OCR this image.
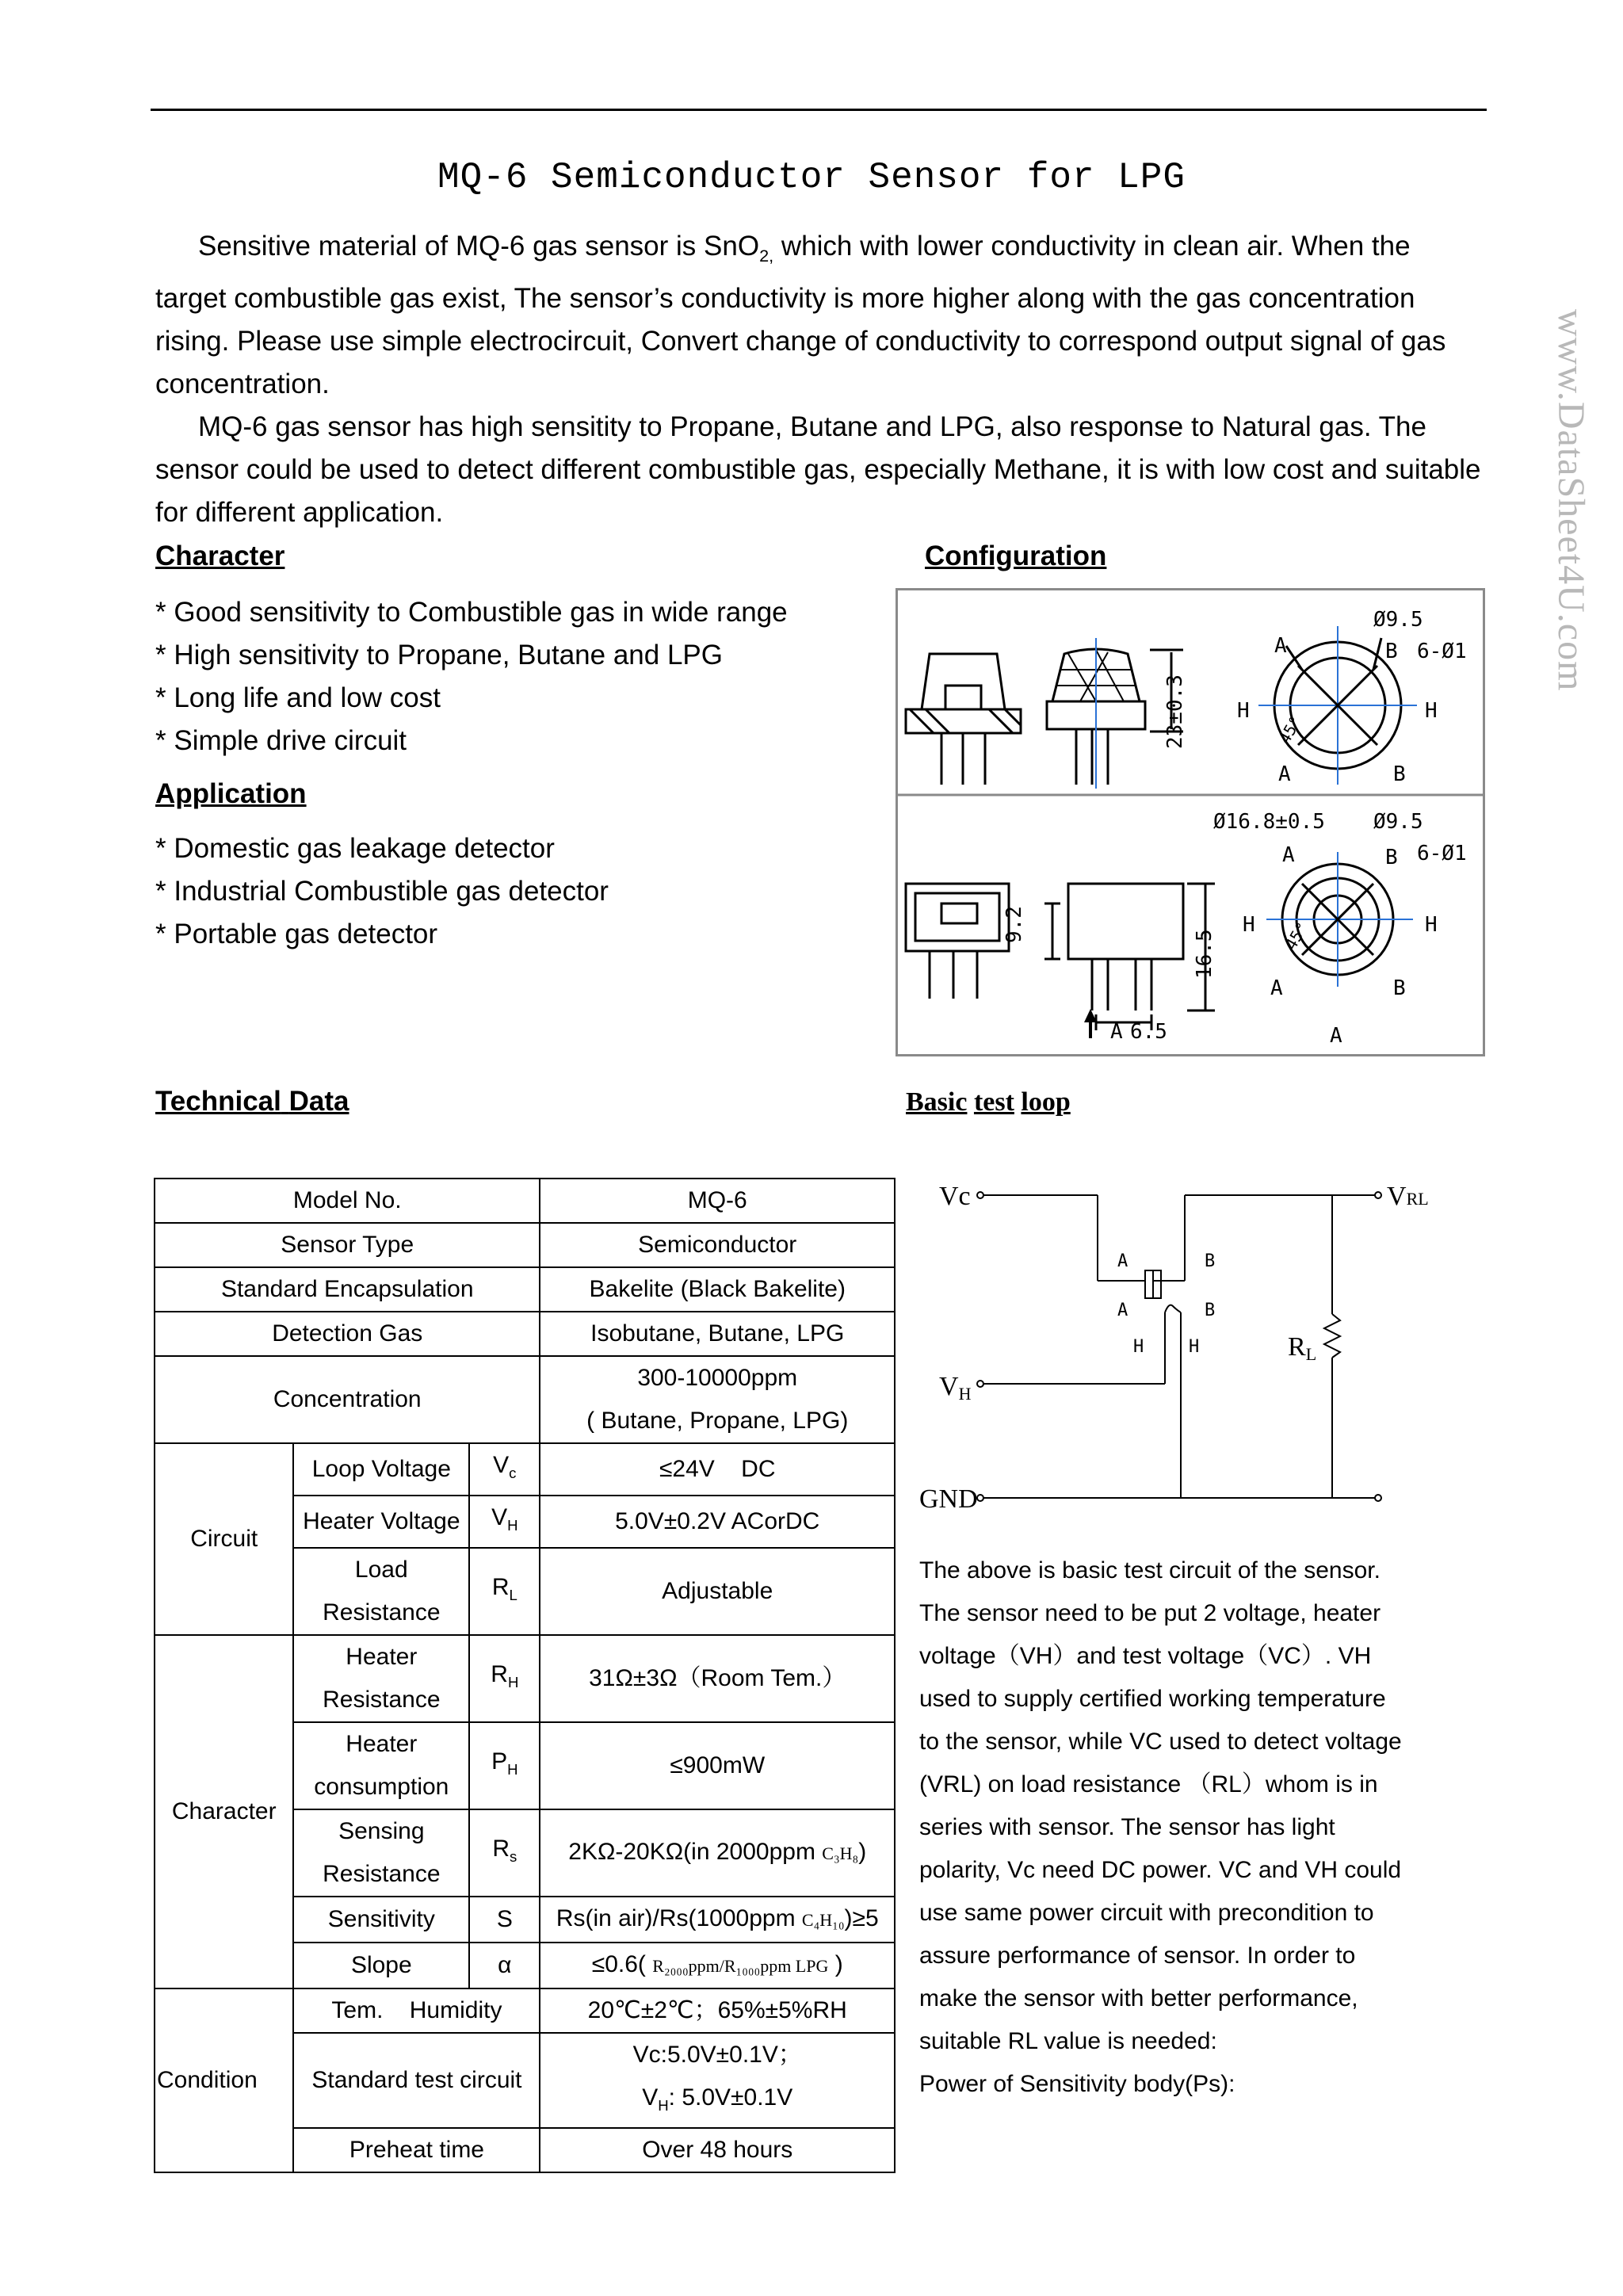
MQ-6 Semiconductor Sensor for LPG

Sensitive material of MQ-6 gas sensor is SnO$_{2,}$ which with lower conductivity in clean air. When the target combustible gas exist, The sensor’s conductivity is more higher along with the gas concentration rising. Please use simple electrocircuit, Convert change of conductivity to correspond output signal of gas concentration.

MQ-6 gas sensor has high sensitity to Propane, Butane and LPG, also response to Natural gas. The sensor could be used to detect different combustible gas, especially Methane, it is with low cost and suitable for different application.	www.DataSheet4U.com
Character
* Good sensitivity to Combustible gas in wide range
* High sensitivity to Propane, Butane and LPG
* Long life and low cost
* Simple drive circuit
Application
* Domestic gas leakage detector
* Industrial Combustible gas detector
* Portable gas detector
Configuration
23±0.3
Ø9.5
6-Ø1
A	B
H	H
A	B
45°
9.2
16.5
A 6.5
Ø16.8±0.5 Ø9.5
6-Ø1
A	B
H	H
A	B
A
45°
Technical Data
Model No.			MQ-6
Sensor Type			Semiconductor
Standard Encapsulation			Bakelite (Black Bakelite)
Detection Gas			Isobutane, Butane, LPG
Concentration			300-10000ppm
( Butane, Propane, LPG)

Circuit	Loop Voltage	$V_c$	≤24V    DC
	Heater Voltage	$V_H$	5.0V±0.2V ACorDC

	Load
Resistance	$R_L$	Adjustable
Character	Heater
Resistance	$R_H$	31Ω±3Ω（Room Tem.）

	Heater
consumption	$P_H$	≤900mW

	Sensing
Resistance	$R_s$	2KΩ-20KΩ(in 2000ppm C₃H₈)
	Sensitivity	S	Rs(in air)/Rs(1000ppm C₄H₁₀)≥5
	Slope	α	≤0.6( R₂₀₀₀ppm/R₁₀₀₀ppm LPG )
Condition	Tem.    Humidity		20℃±2℃；65%±5%RH
	Standard test circuit		Vc:5.0V±0.1V；
$V_H$: 5.0V±0.1V

	Preheat time		Over 48 hours
Basic test loop
Vc	VRL
VH
RL
GND
A	B
A	B
H	H
The above is basic test circuit of the sensor. The sensor need to be put 2 voltage, heater voltage（VH）and test voltage（VC）. VH used to supply certified working temperature to the sensor, while VC used to detect voltage (VRL) on load resistance （RL）whom is in series with sensor. The sensor has light polarity, Vc need DC power. VC and VH could use same power circuit with precondition to assure performance of sensor. In order to make the sensor with better performance, suitable RL value is needed:
Power of Sensitivity body(Ps):
